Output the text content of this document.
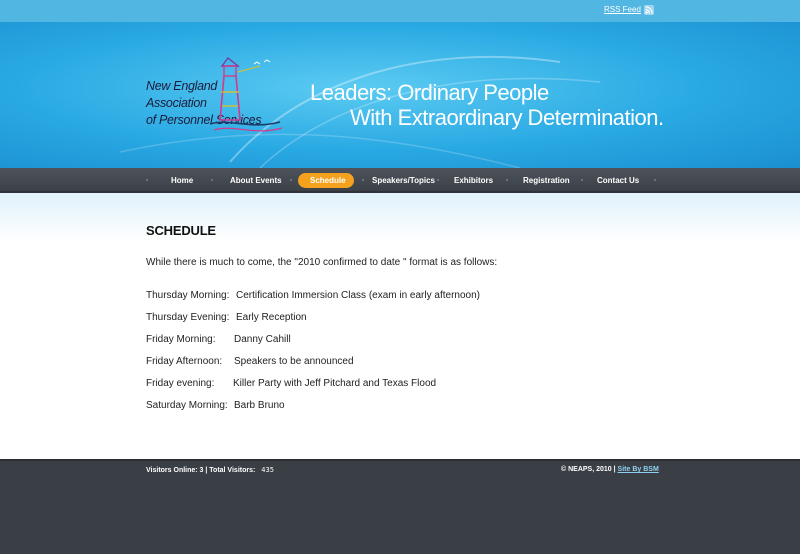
RSS Feed
New England
Association
of Personnel Services
Leaders: Ordinary People
With Extraordinary Determination.
Home	About Events	Schedule	Speakers/Topics Exhibitors	Registration	Contact Us
SCHEDULE

While there is much to come, the "2010 confirmed to date " format is as follows:

Thursday Morning: Certification Immersion Class (exam in early afternoon)
Thursday Evening: Early Reception
Friday Morning: Danny Cahill
Friday Afternoon: Speakers to be announced
Friday evening: Killer Party with Jeff Pitchard and Texas Flood
Saturday Morning: Barb Bruno
Visitors Online: 3 | Total Visitors: 435	© NEAPS, 2010 | Site By BSM
